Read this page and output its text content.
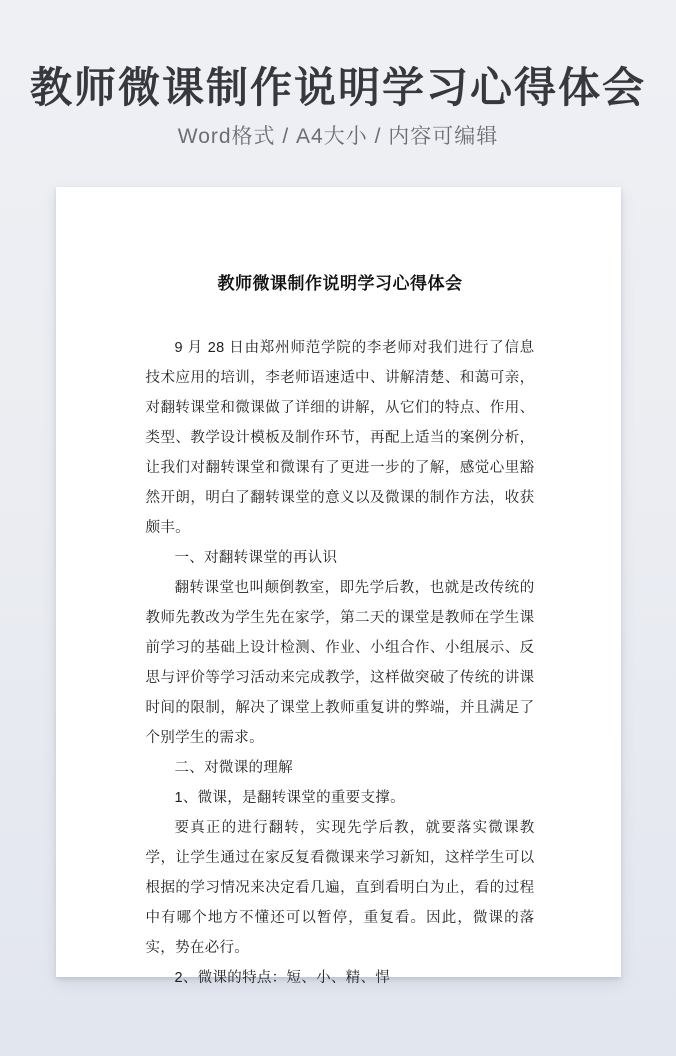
教师微课制作说明学习心得体会
Word格式 / A4大小 / 内容可编辑
教师微课制作说明学习心得体会

9 月 28 日由郑州师范学院的李老师对我们进行了信息技术应用的培训，李老师语速适中、讲解清楚、和蔼可亲，对翻转课堂和微课做了详细的讲解，从它们的特点、作用、类型、教学设计模板及制作环节，再配上适当的案例分析，让我们对翻转课堂和微课有了更进一步的了解，感觉心里豁然开朗，明白了翻转课堂的意义以及微课的制作方法，收获颇丰。

一、对翻转课堂的再认识

翻转课堂也叫颠倒教室，即先学后教，也就是改传统的教师先教改为学生先在家学，第二天的课堂是教师在学生课前学习的基础上设计检测、作业、小组合作、小组展示、反思与评价等学习活动来完成教学，这样做突破了传统的讲课时间的限制，解决了课堂上教师重复讲的弊端，并且满足了个别学生的需求。

二、对微课的理解

1、微课，是翻转课堂的重要支撑。

要真正的进行翻转，实现先学后教，就要落实微课教学，让学生通过在家反复看微课来学习新知，这样学生可以根据的学习情况来决定看几遍，直到看明白为止，看的过程中有哪个地方不懂还可以暂停，重复看。因此，微课的落实，势在必行。

2、微课的特点：短、小、精、悍
